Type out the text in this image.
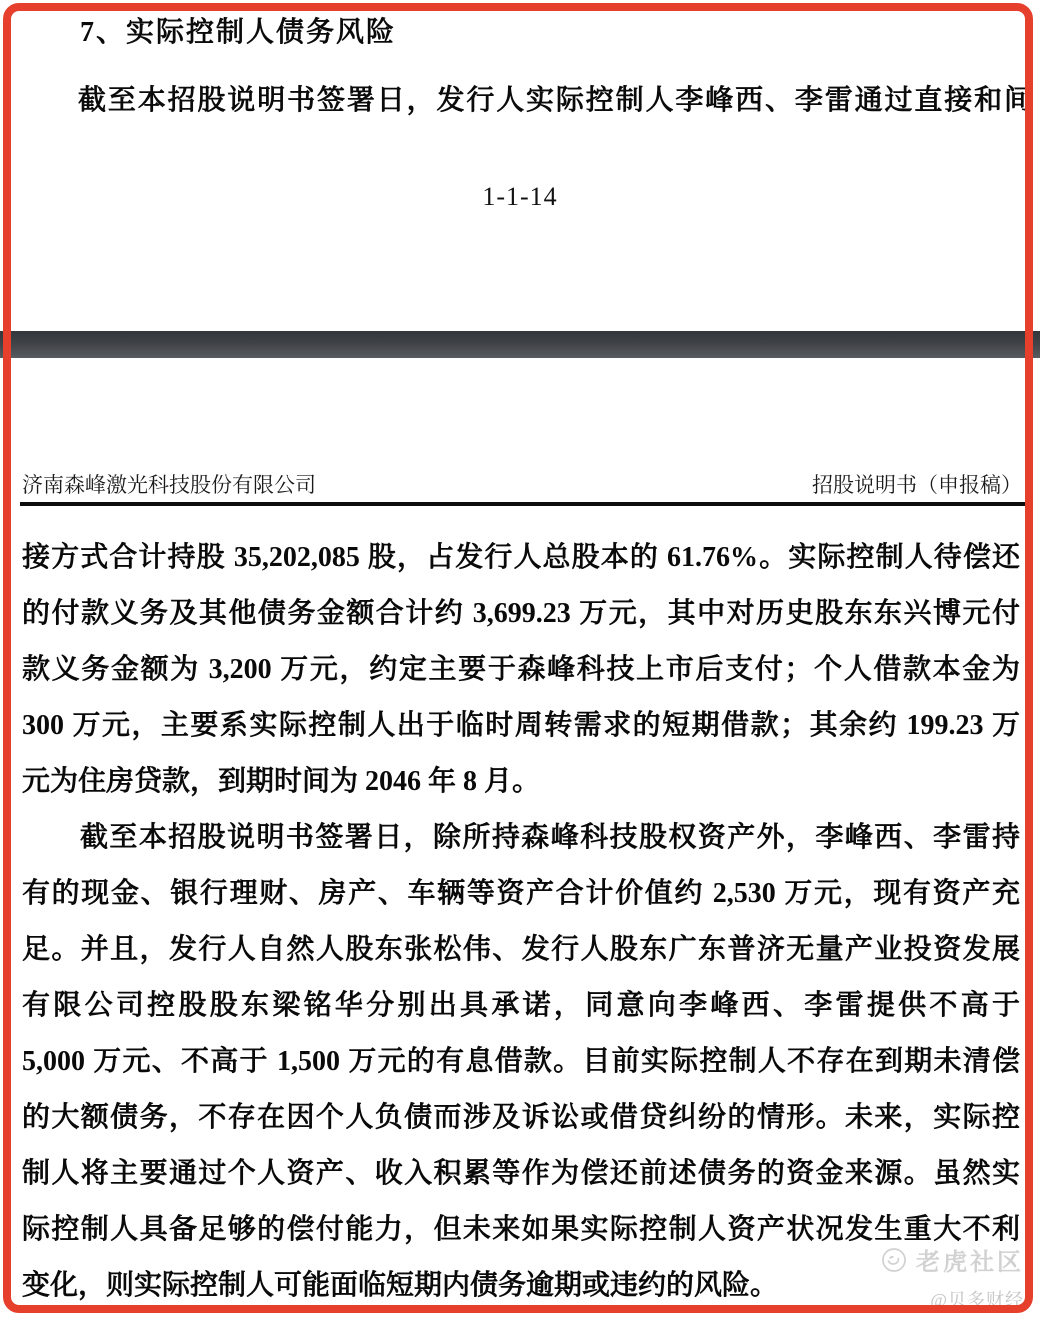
7、实际控制人债务风险
截至本招股说明书签署日，发行人实际控制人李峰西、李雷通过直接和间
1-1-14
济南森峰激光科技股份有限公司	招股说明书（申报稿）
接方式合计持股 35,202,085 股，占发行人总股本的 61.76%。实际控制人待偿还
的付款义务及其他债务金额合计约 3,699.23 万元，其中对历史股东东兴博元付
款义务金额为 3,200 万元，约定主要于森峰科技上市后支付；个人借款本金为
300 万元，主要系实际控制人出于临时周转需求的短期借款；其余约 199.23 万
元为住房贷款，到期时间为 2046 年 8 月。
截至本招股说明书签署日，除所持森峰科技股权资产外，李峰西、李雷持
有的现金、银行理财、房产、车辆等资产合计价值约 2,530 万元，现有资产充
足。并且，发行人自然人股东张松伟、发行人股东广东普济无量产业投资发展
有限公司控股股东梁铭华分别出具承诺，同意向李峰西、李雷提供不高于
5,000 万元、不高于 1,500 万元的有息借款。目前实际控制人不存在到期未清偿
的大额债务，不存在因个人负债而涉及诉讼或借贷纠纷的情形。未来，实际控
制人将主要通过个人资产、收入积累等作为偿还前述债务的资金来源。虽然实
际控制人具备足够的偿付能力，但未来如果实际控制人资产状况发生重大不利
变化，则实际控制人可能面临短期内债务逾期或违约的风险。
老虎社区
@贝多财经
